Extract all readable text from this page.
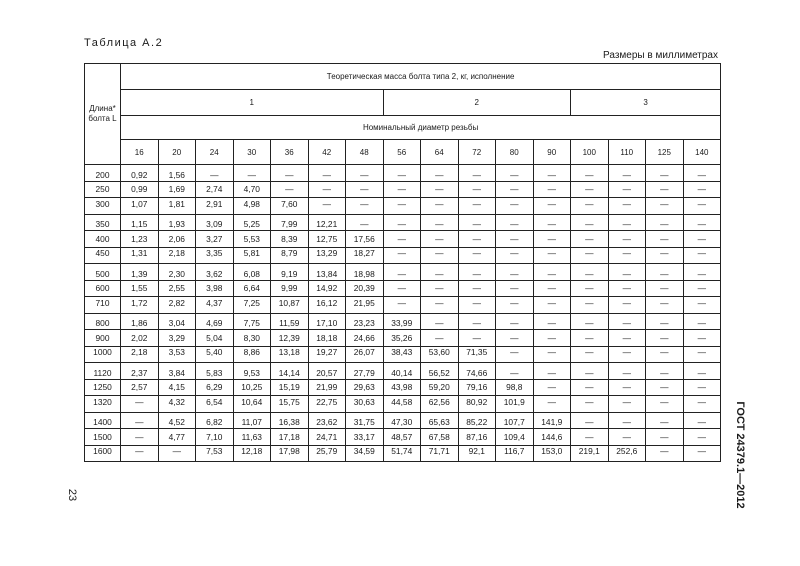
Таблица А.2
Размеры в миллиметрах
ГОСТ 24379.1—2012
23
Длина*
болта L	Теоретическая масса болта типа 2, кг, исполнение															
	1							2					3			
	Номинальный диаметр резьбы															
	16	20	24	30	36	42	48	56	64	72	80	90	100	110	125	140
200	0,92	1,56	—	—	—	—	—	—	—	—	—	—	—	—	—	—
250	0,99	1,69	2,74	4,70	—	—	—	—	—	—	—	—	—	—	—	—
300	1,07	1,81	2,91	4,98	7,60	—	—	—	—	—	—	—	—	—	—	—
350	1,15	1,93	3,09	5,25	7,99	12,21	—	—	—	—	—	—	—	—	—	—
400	1,23	2,06	3,27	5,53	8,39	12,75	17,56	—	—	—	—	—	—	—	—	—
450	1,31	2,18	3,35	5,81	8,79	13,29	18,27	—	—	—	—	—	—	—	—	—
500	1,39	2,30	3,62	6,08	9,19	13,84	18,98	—	—	—	—	—	—	—	—	—
600	1,55	2,55	3,98	6,64	9,99	14,92	20,39	—	—	—	—	—	—	—	—	—
710	1,72	2,82	4,37	7,25	10,87	16,12	21,95	—	—	—	—	—	—	—	—	—
800	1,86	3,04	4,69	7,75	11,59	17,10	23,23	33,99	—	—	—	—	—	—	—	—
900	2,02	3,29	5,04	8,30	12,39	18,18	24,66	35,26	—	—	—	—	—	—	—	—
1000	2,18	3,53	5,40	8,86	13,18	19,27	26,07	38,43	53,60	71,35	—	—	—	—	—	—
1120	2,37	3,84	5,83	9,53	14,14	20,57	27,79	40,14	56,52	74,66	—	—	—	—	—	—
1250	2,57	4,15	6,29	10,25	15,19	21,99	29,63	43,98	59,20	79,16	98,8	—	—	—	—	—
1320	—	4,32	6,54	10,64	15,75	22,75	30,63	44,58	62,56	80,92	101,9	—	—	—	—	—
1400	—	4,52	6,82	11,07	16,38	23,62	31,75	47,30	65,63	85,22	107,7	141,9	—	—	—	—
1500	—	4,77	7,10	11,63	17,18	24,71	33,17	48,57	67,58	87,16	109,4	144,6	—	—	—	—
1600	—	—	7,53	12,18	17,98	25,79	34,59	51,74	71,71	92,1	116,7	153,0	219,1	252,6	—	—
